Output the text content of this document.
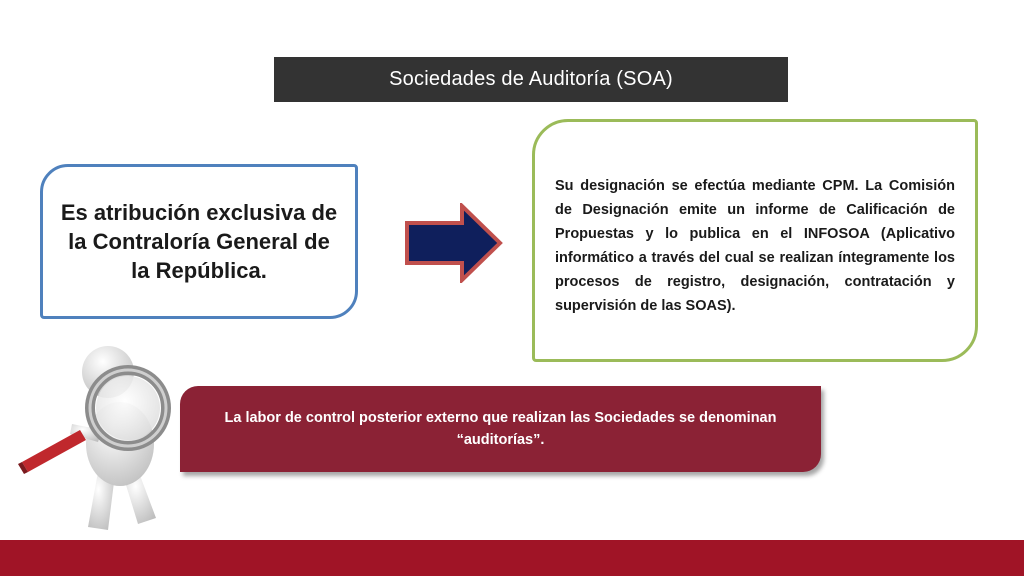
Sociedades de Auditoría (SOA)
Es atribución exclusiva de la Contraloría General de la República.
Su designación se efectúa mediante CPM. La Comisión de Designación emite un informe de Calificación de Propuestas y lo publica en el INFOSOA (Aplicativo informático a través del cual se realizan íntegramente los procesos de registro, designación, contratación y supervisión de las SOAS).
La labor de control posterior externo que realizan las Sociedades se denominan “auditorías”.
